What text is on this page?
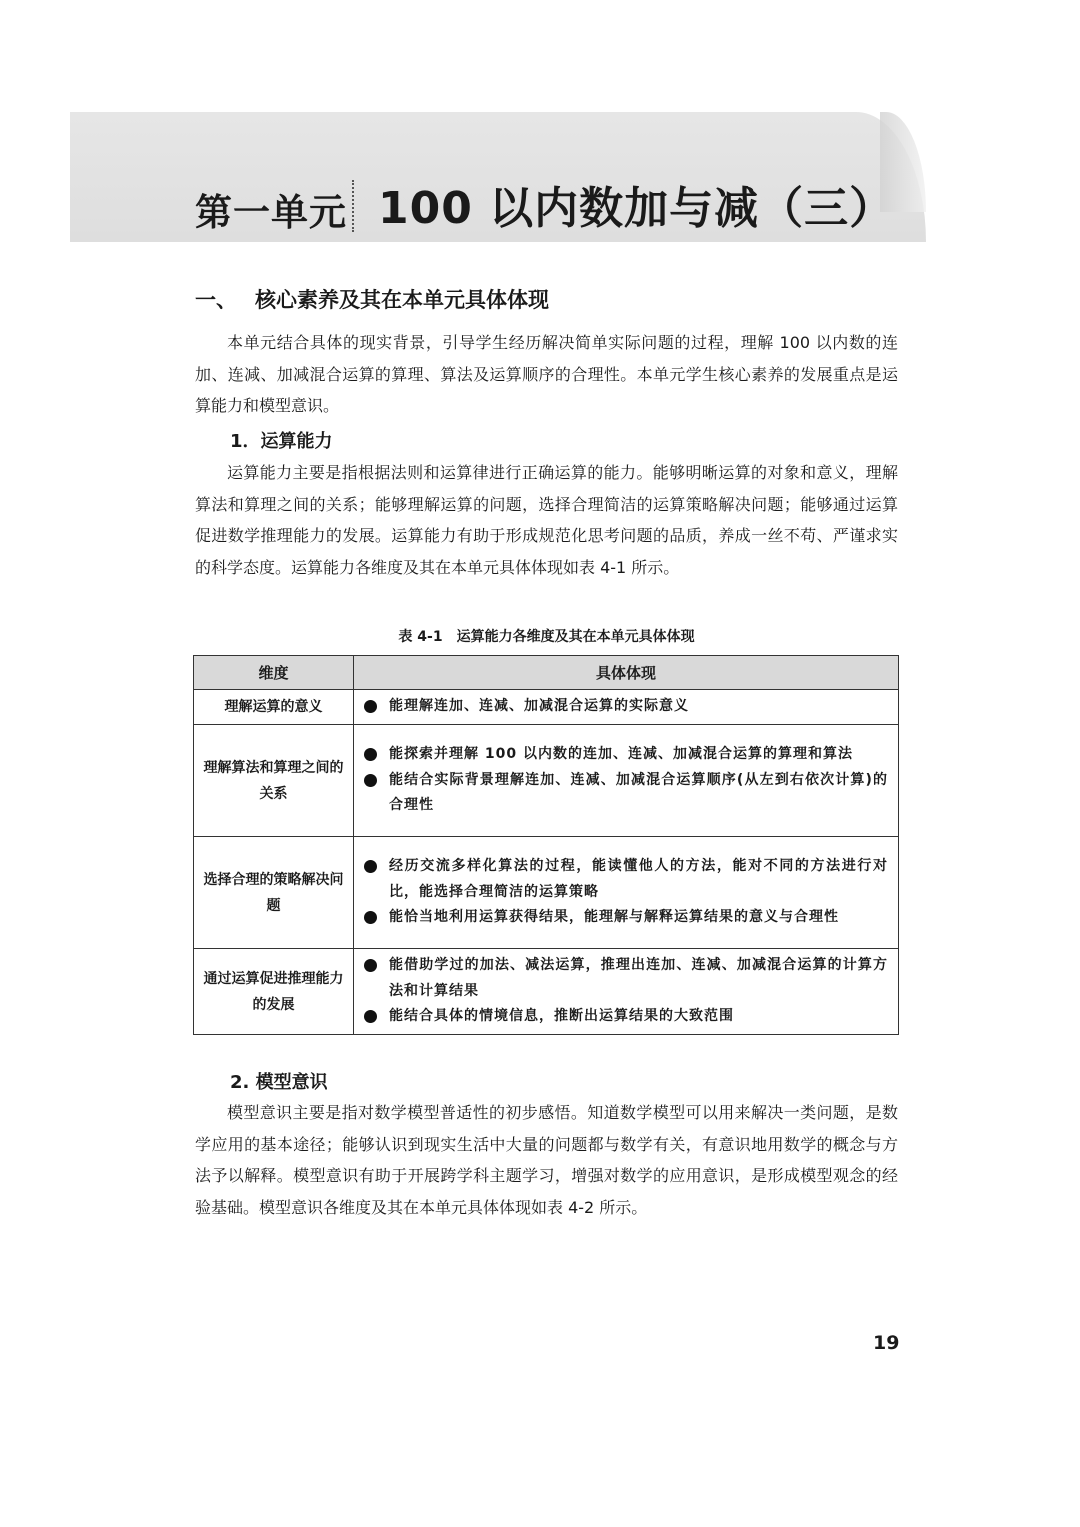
第一单元 100 以内数加与减（三）
一、 核心素养及其在本单元具体体现

本单元结合具体的现实背景，引导学生经历解决简单实际问题的过程，理解 100 以内数的连加、连减、加减混合运算的算理、算法及运算顺序的合理性。本单元学生核心素养的发展重点是运算能力和模型意识。

1．运算能力

运算能力主要是指根据法则和运算律进行正确运算的能力。能够明晰运算的对象和意义，理解算法和算理之间的关系；能够理解运算的问题，选择合理简洁的运算策略解决问题；能够通过运算促进数学推理能力的发展。运算能力有助于形成规范化思考问题的品质，养成一丝不苟、严谨求实的科学态度。运算能力各维度及其在本单元具体体现如表 4-1 所示。

表 4-1　运算能力各维度及其在本单元具体体现
维度	具体体现
理解运算的意义	能理解连加、连减、加减混合运算的实际意义

理解算法和算理之间的关系	能探索并理解 100 以内数的连加、连减、加减混合运算的算理和算法
能结合实际背景理解连加、连减、加减混合运算顺序(从左到右依次计算)的合理性

选择合理的策略解决问题	经历交流多样化算法的过程，能读懂他人的方法，能对不同的方法进行对比，能选择合理简洁的运算策略
能恰当地利用运算获得结果，能理解与解释运算结果的意义与合理性

通过运算促进推理能力的发展	能借助学过的加法、减法运算，推理出连加、连减、加减混合运算的计算方法和计算结果
能结合具体的情境信息，推断出运算结果的大致范围
2. 模型意识

模型意识主要是指对数学模型普适性的初步感悟。知道数学模型可以用来解决一类问题，是数学应用的基本途径；能够认识到现实生活中大量的问题都与数学有关，有意识地用数学的概念与方法予以解释。模型意识有助于开展跨学科主题学习，增强对数学的应用意识，是形成模型观念的经验基础。模型意识各维度及其在本单元具体体现如表 4-2 所示。

19
